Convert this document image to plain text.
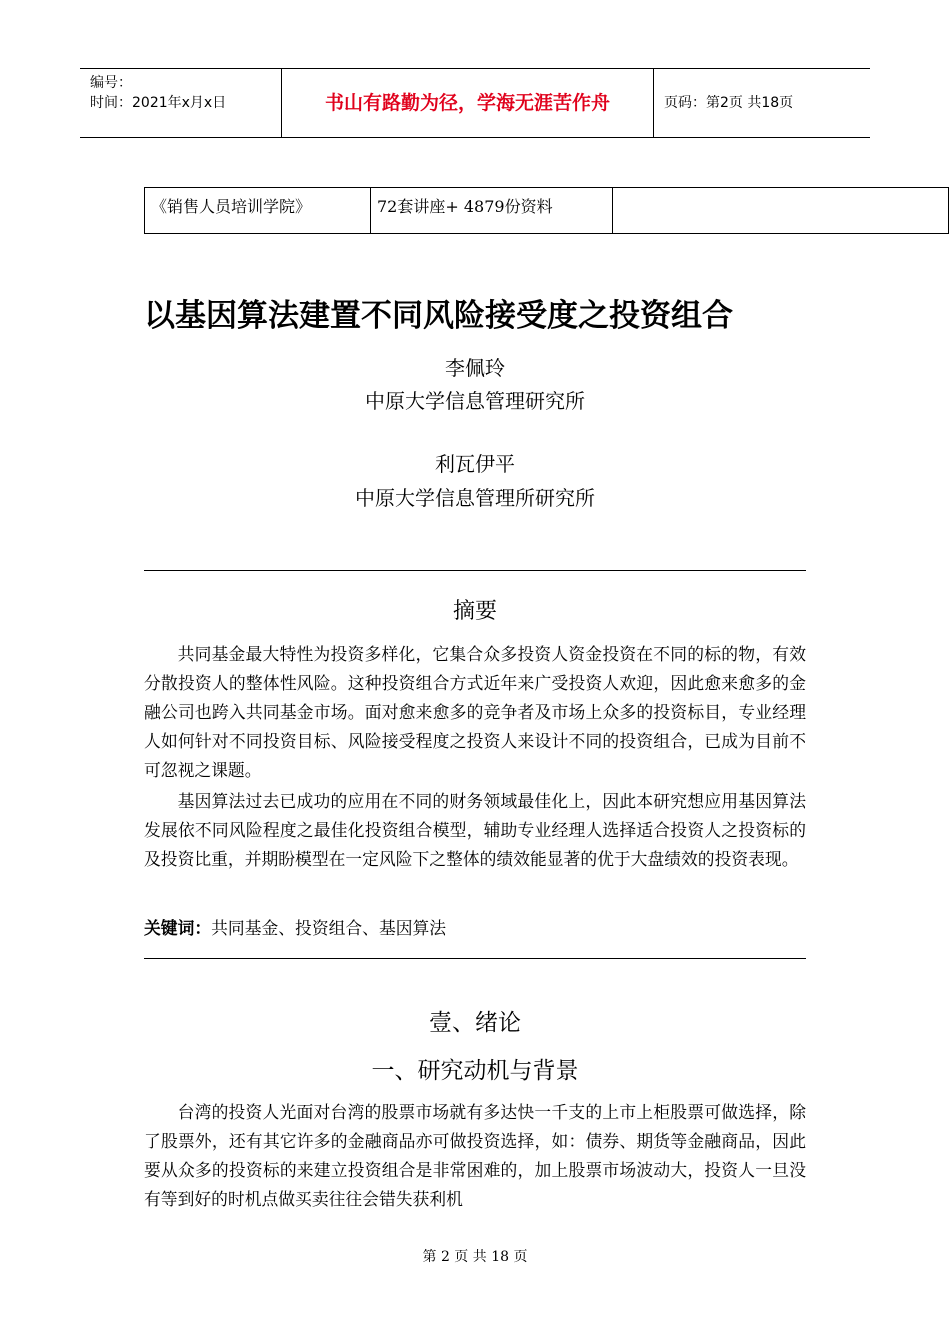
编号：
时间：2021年x月x日	书山有路勤为径，学海无涯苦作舟	页码：第2页 共18页
《销售人员培训学院》	72套讲座+ 4879份资料
以基因算法建置不同风险接受度之投资组合
李佩玲
中原大学信息管理研究所
利瓦伊平
中原大学信息管理所研究所
摘要

共同基金最大特性为投资多样化，它集合众多投资人资金投资在不同的标的物，有效分散投资人的整体性风险。这种投资组合方式近年来广受投资人欢迎，因此愈来愈多的金融公司也跨入共同基金市场。面对愈来愈多的竞争者及市场上众多的投资标目，专业经理人如何针对不同投资目标、风险接受程度之投资人来设计不同的投资组合，已成为目前不可忽视之课题。

基因算法过去已成功的应用在不同的财务领域最佳化上，因此本研究想应用基因算法发展依不同风险程度之最佳化投资组合模型，辅助专业经理人选择适合投资人之投资标的及投资比重，并期盼模型在一定风险下之整体的绩效能显著的优于大盘绩效的投资表现。

关键词：共同基金、投资组合、基因算法
壹、绪论
一、研究动机与背景

台湾的投资人光面对台湾的股票市场就有多达快一千支的上市上柜股票可做选择，除了股票外，还有其它许多的金融商品亦可做投资选择，如：债券、期货等金融商品，因此要从众多的投资标的来建立投资组合是非常困难的，加上股票市场波动大，投资人一旦没有等到好的时机点做买卖往往会错失获利机

第 2 页 共 18 页
